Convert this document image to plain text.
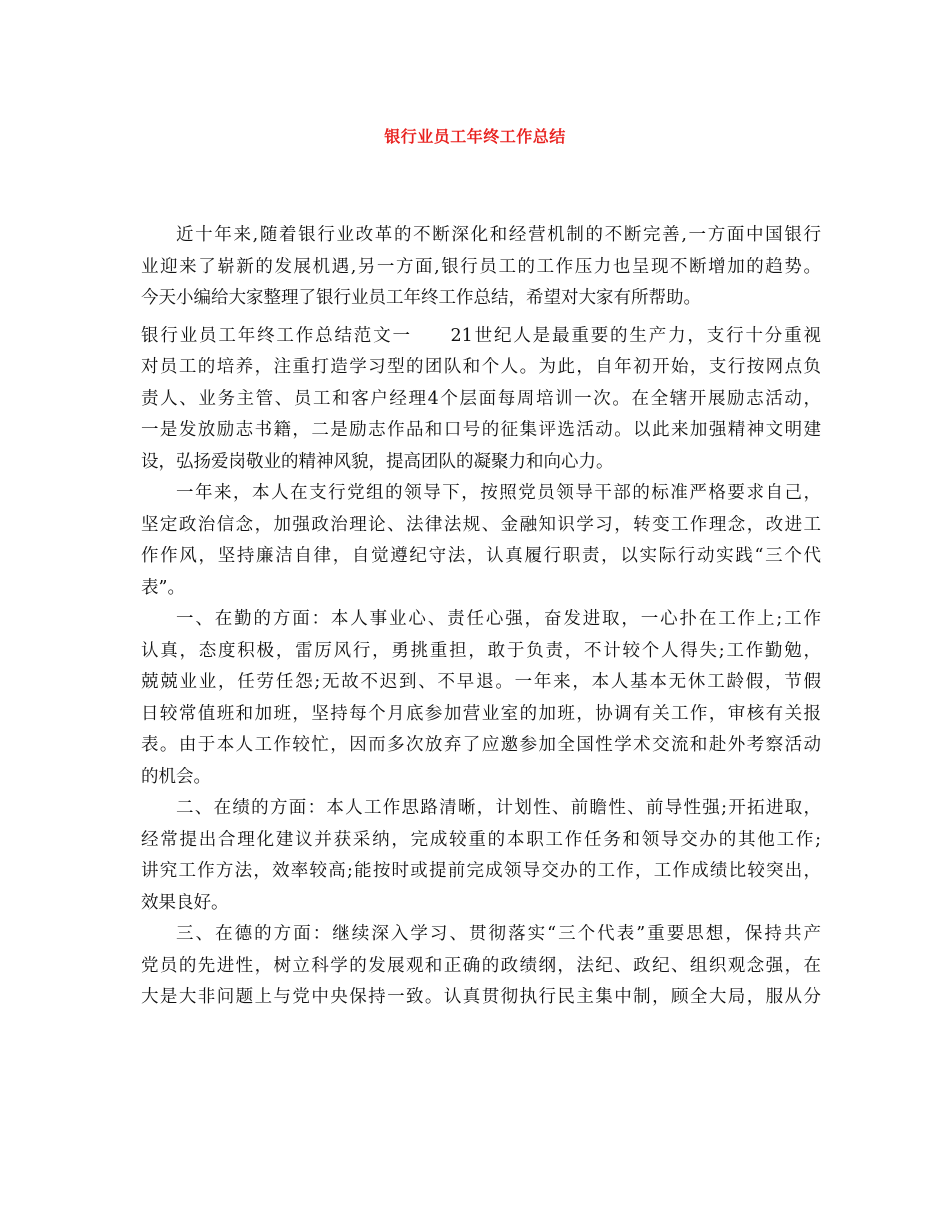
银行业员工年终工作总结
近十年来,随着银行业改革的不断深化和经营机制的不断完善,一方面中国银行
业迎来了崭新的发展机遇,另一方面,银行员工的工作压力也呈现不断增加的趋势。
今天小编给大家整理了银行业员工年终工作总结，希望对大家有所帮助。
银行业员工年终工作总结范文一　　21世纪人是最重要的生产力，支行十分重视
对员工的培养，注重打造学习型的团队和个人。为此，自年初开始，支行按网点负
责人、业务主管、员工和客户经理4个层面每周培训一次。在全辖开展励志活动，
一是发放励志书籍，二是励志作品和口号的征集评选活动。以此来加强精神文明建
设，弘扬爱岗敬业的精神风貌，提高团队的凝聚力和向心力。
一年来，本人在支行党组的领导下，按照党员领导干部的标准严格要求自己，
坚定政治信念，加强政治理论、法律法规、金融知识学习，转变工作理念，改进工
作作风，坚持廉洁自律，自觉遵纪守法，认真履行职责，以实际行动实践“三个代
表”。
一、在勤的方面：本人事业心、责任心强，奋发进取，一心扑在工作上;工作
认真，态度积极，雷厉风行，勇挑重担，敢于负责，不计较个人得失;工作勤勉，
兢兢业业，任劳任怨;无故不迟到、不早退。一年来，本人基本无休工龄假，节假
日较常值班和加班，坚持每个月底参加营业室的加班，协调有关工作，审核有关报
表。由于本人工作较忙，因而多次放弃了应邀参加全国性学术交流和赴外考察活动
的机会。
二、在绩的方面：本人工作思路清晰，计划性、前瞻性、前导性强;开拓进取，
经常提出合理化建议并获采纳，完成较重的本职工作任务和领导交办的其他工作;
讲究工作方法，效率较高;能按时或提前完成领导交办的工作，工作成绩比较突出，
效果良好。
三、在德的方面：继续深入学习、贯彻落实“三个代表”重要思想，保持共产
党员的先进性，树立科学的发展观和正确的政绩纲，法纪、政纪、组织观念强，在
大是大非问题上与党中央保持一致。认真贯彻执行民主集中制，顾全大局，服从分
